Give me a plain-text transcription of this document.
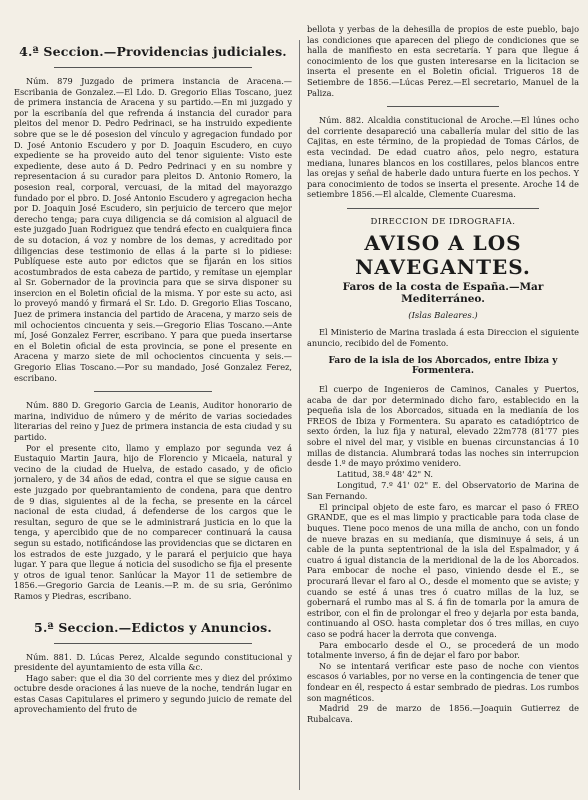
4.ª Seccion.—Providencias judiciales.

Núm. 879 Juzgado de primera instancia de Aracena.—Escribania de Gonzalez.—El Ldo. D. Gregorio Elias Toscano, juez de primera instancia de Aracena y su partido.—En mi juzgado y por la escribanía del que refrenda á instancia del curador para pleitos del menor D. Pedro Pedrinaci, se ha instruido expediente sobre que se le dé posesion del vínculo y agregacion fundado por D. José Antonio Escudero y por D. Joaquin Escudero, en cuyo expediente se ha proveido auto del tenor siguiente: Visto este expediente, dese auto á D. Pedro Pedrinaci y en su nombre y representacion á su curador para pleitos D. Antonio Romero, la posesion real, corporal, vercuasi, de la mitad del mayorazgo fundado por el pbro. D. José Antonio Escudero y agregacion hecha por D. Joaquin José Escudero, sin perjuicio de tercero que mejor derecho tenga; para cuya diligencia se dá comision al alguacil de este juzgado Juan Rodriguez que tendrá efecto en cualquiera finca de su dotacion, á voz y nombre de los demas, y acreditado por diligencias dese testimonio de ellas á la parte si lo pidiese: Publíquese este auto por edictos que se fijarán en los sitios acostumbrados de esta cabeza de partido, y remítase un ejemplar al Sr. Gobernador de la provincia para que se sirva disponer su insercion en el Boletin oficial de la misma. Y por este su acto, asi lo proveyó mandó y firmará el Sr. Ldo. D. Gregorio Elias Toscano, Juez de primera instancia del partido de Aracena, y marzo seis de mil ochocientos cincuenta y seis.—Gregorio Elias Toscano.—Ante mí, José Gonzalez Ferrer, escribano. Y para que pueda insertarse en el Boletin oficial de esta provincia, se pone el presente en Aracena y marzo siete de mil ochocientos cincuenta y seis.—Gregorio Elias Toscano.—Por su mandado, José Gonzalez Ferez, escribano.

Núm. 880 D. Gregorio Garcia de Leanis, Auditor honorario de marina, individuo de número y de mérito de varias sociedades literarias del reino y Juez de primera instancia de esta ciudad y su partido.

Por el presente cito, llamo y emplazo por segunda vez á Eustaquio Martin Jaura, hijo de Florencio y Micaela, natural y vecino de la ciudad de Huelva, de estado casado, y de oficio jornalero, y de 34 años de edad, contra el que se sigue causa en este juzgado por quebrantamiento de condena, para que dentro de 9 dias, siguientes al de la fecha, se presente en la cárcel nacional de esta ciudad, á defenderse de los cargos que le resultan, seguro de que se le administrará justicia en lo que la tenga, y apercibido que de no comparecer continuará la causa segun su estado, notificándose las providencias que se dictaren en los estrados de este juzgado, y le parará el perjuicio que haya lugar. Y para que llegue á noticia del susodicho se fija el presente y otros de igual tenor. Sanlúcar la Mayor 11 de setiembre de 1856.—Gregorio Garcia de Leanis.—P. m. de su sria, Gerónimo Ramos y Piedras, escribano.

5.ª Seccion.—Edictos y Anuncios.

Núm. 881. D. Lúcas Perez, Alcalde segundo constitucional y presidente del ayuntamiento de esta villa &c.

Hago saber: que el dia 30 del corriente mes y diez del próximo octubre desde oraciones á las nueve de la noche, tendrán lugar en estas Casas Capitulares el primero y segundo juicio de remate del aprovechamiento del fruto de

bellota y yerbas de la dehesilla de propios de este pueblo, bajo las condiciones que aparecen del pliego de condiciones que se halla de manifiesto en esta secretaría. Y para que llegue á conocimiento de los que gusten interesarse en la licitacion se inserta el presente en el Boletin oficial. Trigueros 18 de Setiembre de 1856.—Lúcas Perez.—El secretario, Manuel de la Paliza.

Núm. 882. Alcaldia constitucional de Aroche.—El lúnes ocho del corriente desapareció una caballería mular del sitio de las Cajitas, en este término, de la propiedad de Tomas Cárlos, de esta vecindad. De edad cuatro años, pelo negro, estatura mediana, lunares blancos en los costillares, pelos blancos entre las orejas y señal de haberle dado untura fuerte en los pechos. Y para conocimiento de todos se inserta el presente. Aroche 14 de setiembre 1856.—El alcalde, Clemente Cuaresma.

DIRECCION DE IDROGRAFIA.
AVISO A LOS NAVEGANTES.
Faros de la costa de España.—Mar Mediterráneo.
(Islas Baleares.)

El Ministerio de Marina traslada á esta Direccion el siguiente anuncio, recibido del de Fomento.

Faro de la isla de los Aborcados, entre Ibiza y Formentera.

El cuerpo de Ingenieros de Caminos, Canales y Puertos, acaba de dar por determinado dicho faro, establecido en la pequeña isla de los Aborcados, situada en la medianía de los FREOS de Ibiza y Formentera. Su aparato es catadióptrico de sexto órden, la luz fija y natural, elevado 22m778 (81'77 pies sobre el nivel del mar, y visible en buenas circunstancias á 10 millas de distancia. Alumbrará todas las noches sin interrupcion desde 1.º de mayo próximo venidero.

Latitud, 38.º 48' 42" N.

Longitud, 7.º 41' 02" E. del Observatorio de Marina de San Fernando.

El principal objeto de este faro, es marcar el paso ó FREO GRANDE, que es el mas limpio y practicable para toda clase de buques. Tiene poco menos de una milla de ancho, con un fondo de nueve brazas en su medianía, que disminuye á seis, á un cable de la punta septentrional de la isla del Espalmador, y á cuatro á igual distancia de la meridional de la de los Aborcados. Para embocar de noche el paso, viniendo desde el E., se procurará llevar el faro al O., desde el momento que se aviste; y cuando se esté á unas tres ó cuatro millas de la luz, se gobernará el rumbo mas al S. á fin de tomarla por la amura de estribor, con el fin de prolongar el freo y dejarla por esta banda, continuando al OSO. hasta completar dos ó tres millas, en cuyo caso se podrá hacer la derrota que convenga.

Para embocarlo desde el O., se procederá de un modo totalmente inverso, á fin de dejar el faro por babor.

No se intentará verificar este paso de noche con vientos escasos ó variables, por no verse en la contingencia de tener que fondear en él, respecto á estar sembrado de piedras. Los rumbos son magnéticos.

Madrid 29 de marzo de 1856.—Joaquin Gutierrez de Rubalcava.
